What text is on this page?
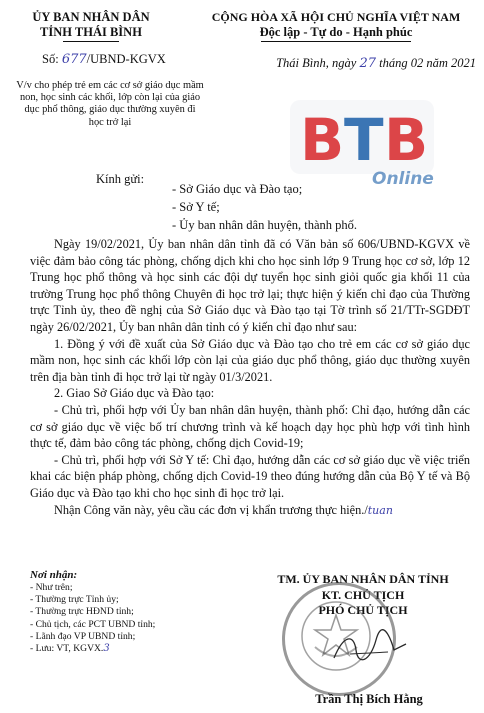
ỦY BAN NHÂN DÂN
TỈNH THÁI BÌNH
CỘNG HÒA XÃ HỘI CHỦ NGHĨA VIỆT NAM
Độc lập - Tự do - Hạnh phúc
Số: 677/UBND-KGVX	Thái Bình, ngày 27 tháng 02 năm 2021
V/v cho phép trẻ em các cơ sở giáo dục mầm non, học sinh các khối, lớp còn lại của giáo dục phổ thông, giáo dục thường xuyên đi học trở lại	B T B
Online
Kính gửi:
- Sở Giáo dục và Đào tạo;
- Sở Y tế;
- Ủy ban nhân dân huyện, thành phố.

Ngày 19/02/2021, Ủy ban nhân dân tỉnh đã có Văn bản số 606/UBND-KGVX về việc đảm bảo công tác phòng, chống dịch khi cho học sinh lớp 9 Trung học cơ sở, lớp 12 Trung học phổ thông và học sinh các đội dự tuyển học sinh giỏi quốc gia khối 11 của trường Trung học phổ thông Chuyên đi học trở lại; thực hiện ý kiến chỉ đạo của Thường trực Tỉnh ủy, theo đề nghị của Sở Giáo dục và Đào tạo tại Tờ trình số 21/TTr-SGDĐT ngày 26/02/2021, Ủy ban nhân dân tỉnh có ý kiến chỉ đạo như sau:

1. Đồng ý với đề xuất của Sở Giáo dục và Đào tạo cho trẻ em các cơ sở giáo dục mầm non, học sinh các khối lớp còn lại của giáo dục phổ thông, giáo dục thường xuyên trên địa bàn tỉnh đi học trở lại từ ngày 01/3/2021.

2. Giao Sở Giáo dục và Đào tạo:

- Chủ trì, phối hợp với Ủy ban nhân dân huyện, thành phố: Chỉ đạo, hướng dẫn các cơ sở giáo dục về việc bố trí chương trình và kế hoạch dạy học phù hợp với tình hình thực tế, đảm bảo công tác phòng, chống dịch Covid-19;

- Chủ trì, phối hợp với Sở Y tế: Chỉ đạo, hướng dẫn các cơ sở giáo dục về việc triển khai các biện pháp phòng, chống dịch Covid-19 theo đúng hướng dẫn của Bộ Y tế và Bộ Giáo dục và Đào tạo khi cho học sinh đi học trở lại.

Nhận Công văn này, yêu cầu các đơn vị khẩn trương thực hiện./tuan

Nơi nhận:
- Như trên;
- Thường trực Tỉnh ủy;
- Thường trực HĐND tỉnh;
- Chủ tịch, các PCT UBND tỉnh;
- Lãnh đạo VP UBND tỉnh;
- Lưu: VT, KGVX.3
TM. ỦY BAN NHÂN DÂN TỈNH
KT. CHỦ TỊCH
PHÓ CHỦ TỊCH
Trần Thị Bích Hằng
